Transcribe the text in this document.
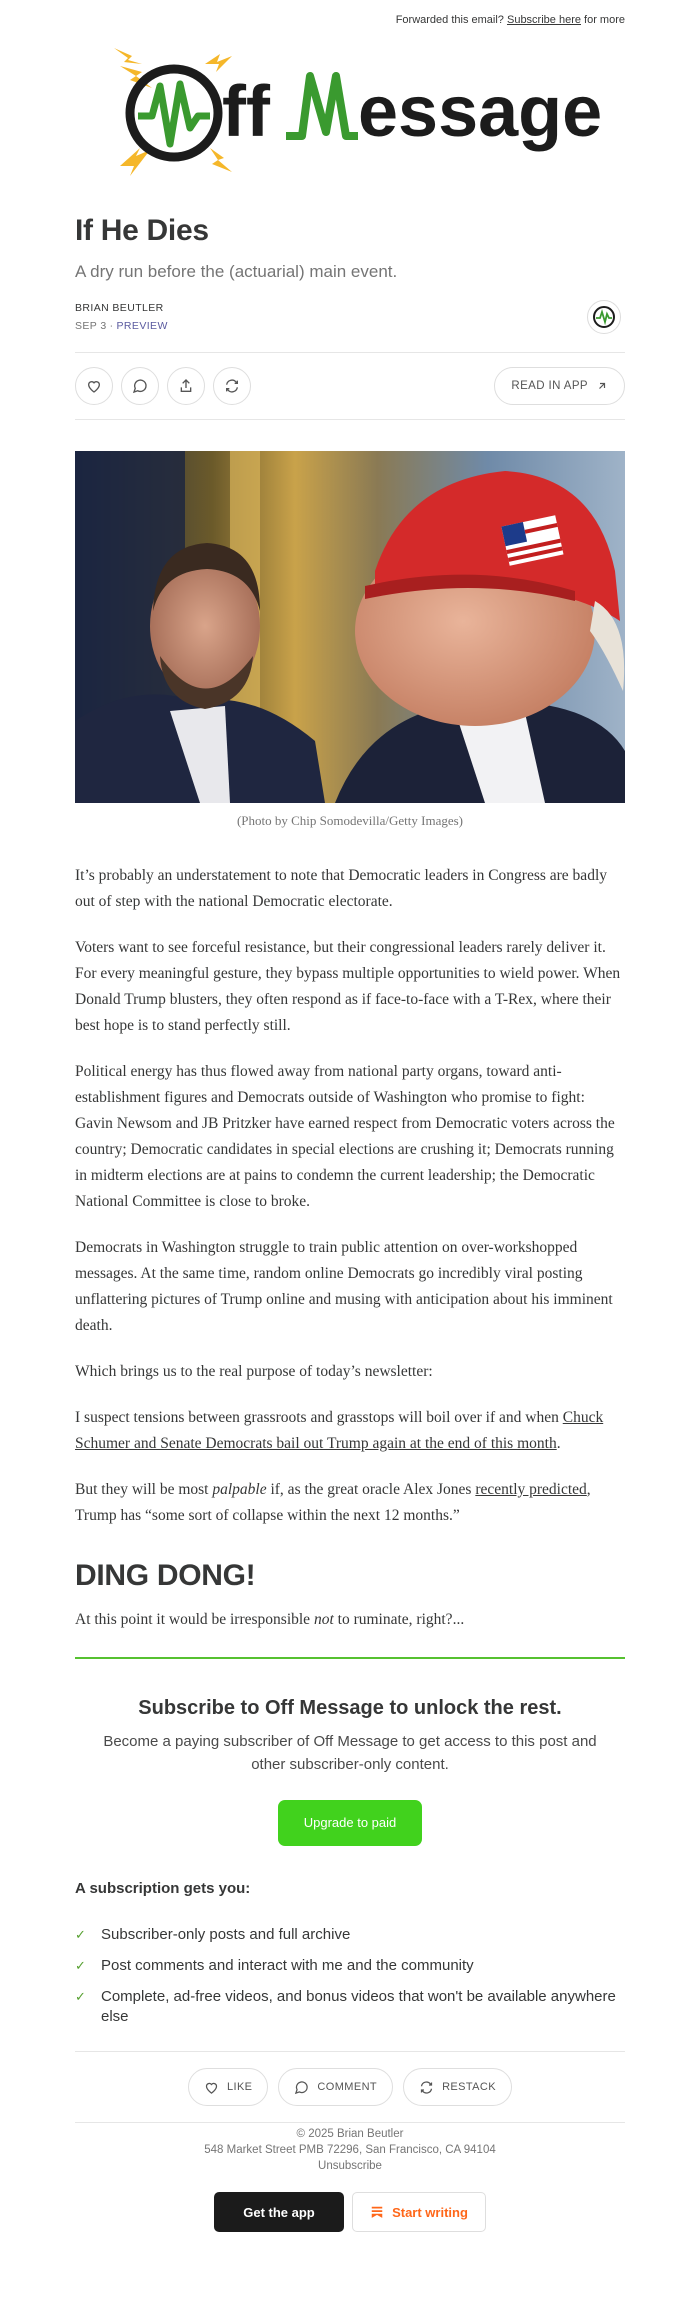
Forwarded this email? Subscribe here for more
ff essage
If He Dies
A dry run before the (actuarial) main event.
BRIAN BEUTLER
SEP 3 ∙ PREVIEW
READ IN APP
(Photo by Chip Somodevilla/Getty Images)

It’s probably an understatement to note that Democratic leaders in Congress are badly out of step with the national Democratic electorate.

Voters want to see forceful resistance, but their congressional leaders rarely deliver it. For every meaningful gesture, they bypass multiple opportunities to wield power. When Donald Trump blusters, they often respond as if face-to-face with a T-Rex, where their best hope is to stand perfectly still.

Political energy has thus flowed away from national party organs, toward anti-establishment figures and Democrats outside of Washington who promise to fight: Gavin Newsom and JB Pritzker have earned respect from Democratic voters across the country; Democratic candidates in special elections are crushing it; Democrats running in midterm elections are at pains to condemn the current leadership; the Democratic National Committee is close to broke.

Democrats in Washington struggle to train public attention on over-workshopped messages. At the same time, random online Democrats go incredibly viral posting unflattering pictures of Trump online and musing with anticipation about his imminent death.

Which brings us to the real purpose of today’s newsletter:

I suspect tensions between grassroots and grasstops will boil over if and when Chuck Schumer and Senate Democrats bail out Trump again at the end of this month.

But they will be most palpable if, as the great oracle Alex Jones recently predicted, Trump has “some sort of collapse within the next 12 months.”

DING DONG!

At this point it would be irresponsible not to ruminate, right?...

Subscribe to Off Message to unlock the rest.
Become a paying subscriber of Off Message to get access to this post and other subscriber-only content.
Upgrade to paid
A subscription gets you:
✓ Subscriber-only posts and full archive
✓ Post comments and interact with me and the community
✓ Complete, ad-free videos, and bonus videos that won't be available anywhere else
LIKE	COMMENT	RESTACK
© 2025 Brian Beutler
548 Market Street PMB 72296, San Francisco, CA 94104
Unsubscribe
Get the app	Start writing
